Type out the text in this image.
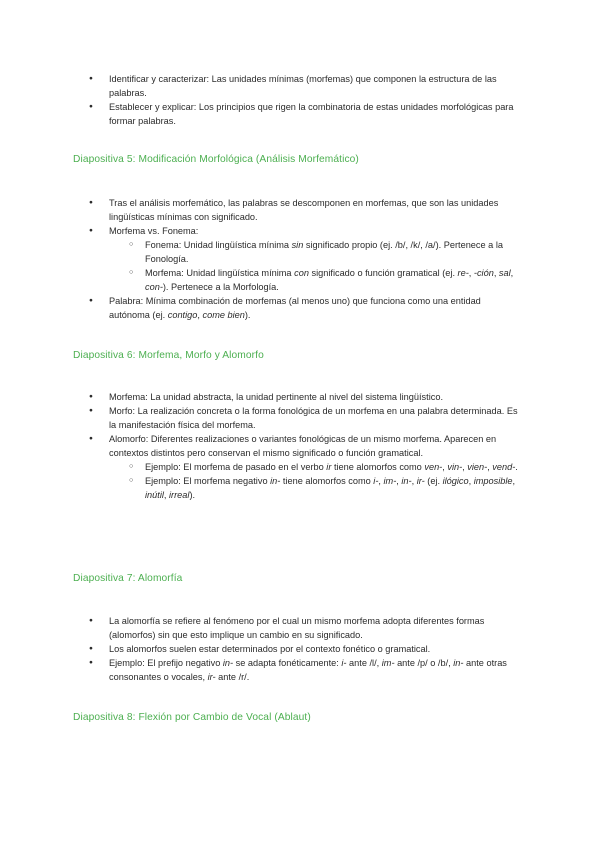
● Identificar y caracterizar: Las unidades mínimas (morfemas) que componen la estructura de las palabras.
● Establecer y explicar: Los principios que rigen la combinatoria de estas unidades morfológicas para formar palabras.
Diapositiva 5: Modificación Morfológica (Análisis Morfemático)
● Tras el análisis morfemático, las palabras se descomponen en morfemas, que son las unidades lingüísticas mínimas con significado.
● Morfema vs. Fonema:
○ Fonema: Unidad lingüística mínima sin significado propio (ej. /b/, /k/, /a/). Pertenece a la Fonología.
○ Morfema: Unidad lingüística mínima con significado o función gramatical (ej. re-, -ción, sal, con-). Pertenece a la Morfología.
● Palabra: Mínima combinación de morfemas (al menos uno) que funciona como una entidad autónoma (ej. contigo, come bien).
Diapositiva 6: Morfema, Morfo y Alomorfo
● Morfema: La unidad abstracta, la unidad pertinente al nivel del sistema lingüístico.
● Morfo: La realización concreta o la forma fonológica de un morfema en una palabra determinada. Es la manifestación física del morfema.
● Alomorfo: Diferentes realizaciones o variantes fonológicas de un mismo morfema. Aparecen en contextos distintos pero conservan el mismo significado o función gramatical.
○ Ejemplo: El morfema de pasado en el verbo ir tiene alomorfos como ven-, vin-, vien-, vend-.
○ Ejemplo: El morfema negativo in- tiene alomorfos como i-, im-, in-, ir- (ej. ilógico, imposible, inútil, irreal).
Diapositiva 7: Alomorfía
● La alomorfía se refiere al fenómeno por el cual un mismo morfema adopta diferentes formas (alomorfos) sin que esto implique un cambio en su significado.
● Los alomorfos suelen estar determinados por el contexto fonético o gramatical.
● Ejemplo: El prefijo negativo in- se adapta fonéticamente: i- ante /l/, im- ante /p/ o /b/, in- ante otras consonantes o vocales, ir- ante /r/.
Diapositiva 8: Flexión por Cambio de Vocal (Ablaut)
